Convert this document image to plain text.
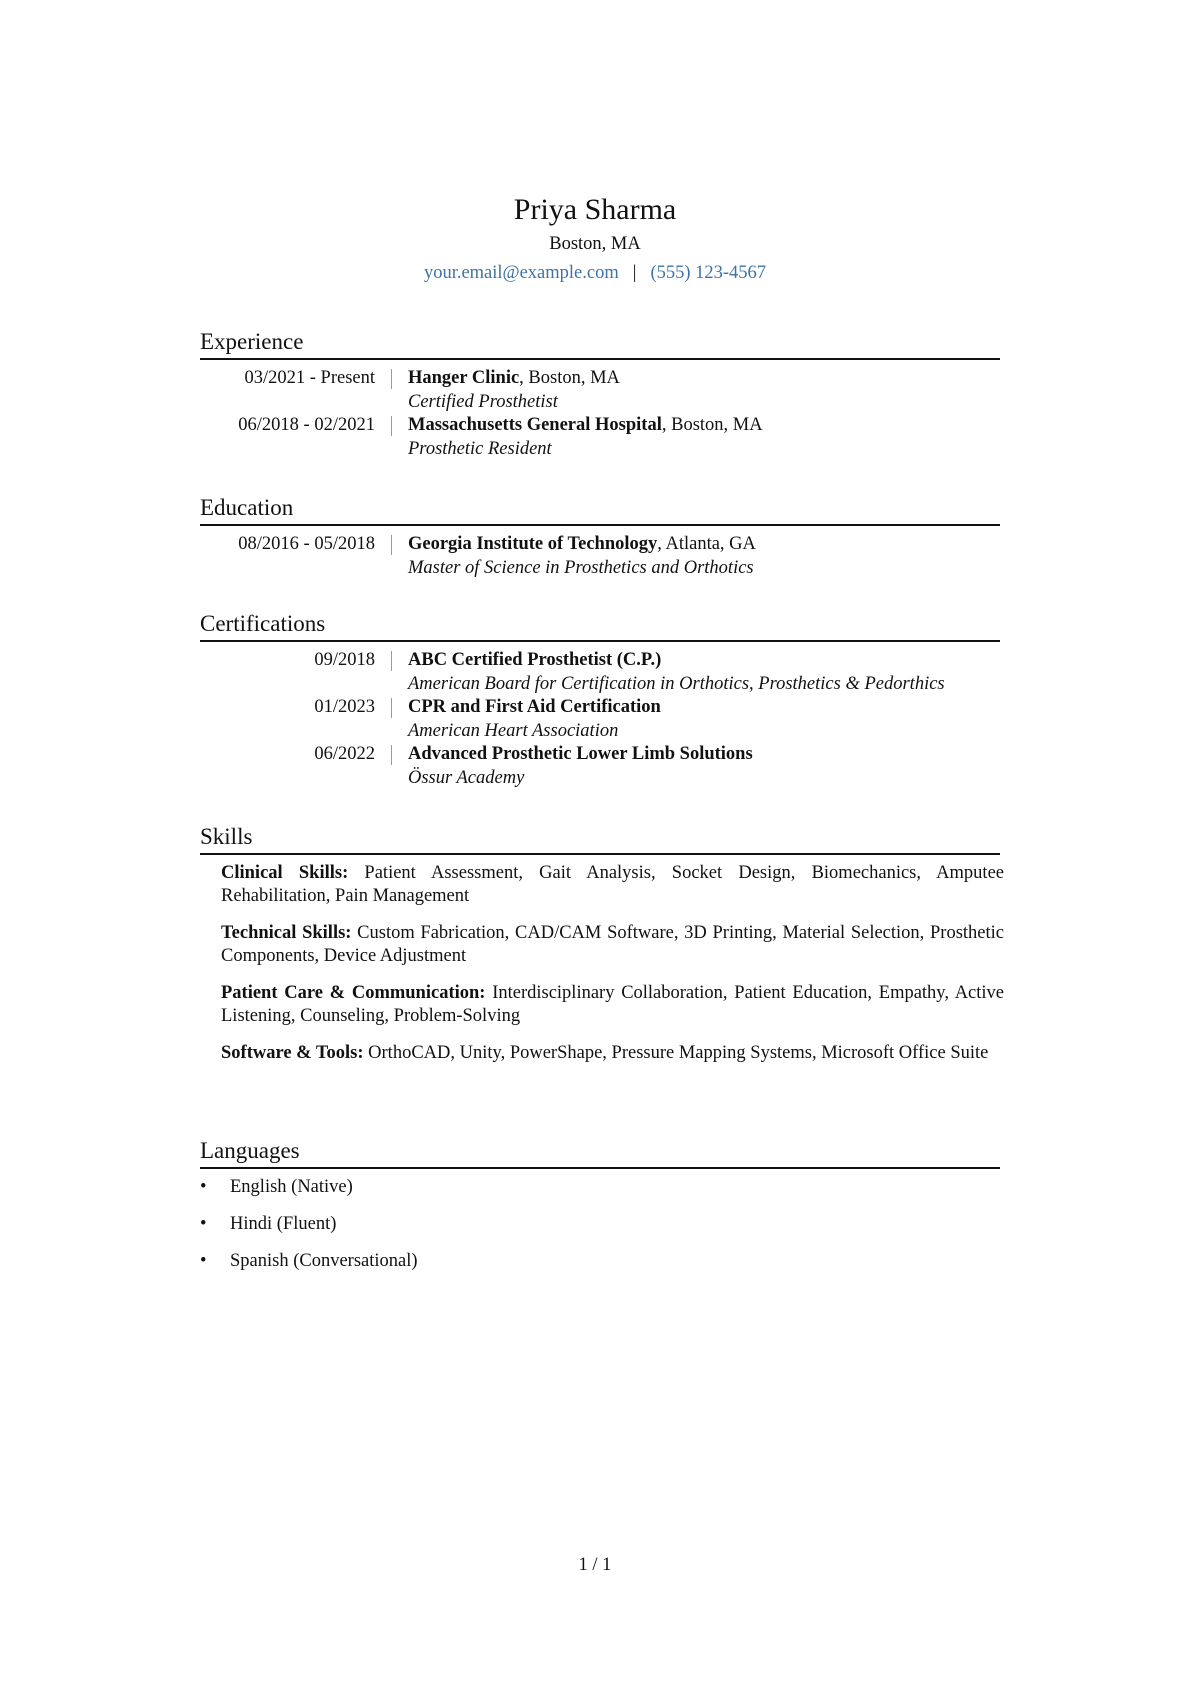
Priya Sharma
Boston, MA
your.email@example.com | (555) 123-4567
Experience
03/2021 - Present	Hanger Clinic, Boston, MA
Certified Prosthetist
06/2018 - 02/2021	Massachusetts General Hospital, Boston, MA
Prosthetic Resident
Education
08/2016 - 05/2018	Georgia Institute of Technology, Atlanta, GA
Master of Science in Prosthetics and Orthotics
Certifications
09/2018	ABC Certified Prosthetist (C.P.)
American Board for Certification in Orthotics, Prosthetics & Pedorthics
01/2023	CPR and First Aid Certification
American Heart Association
06/2022	Advanced Prosthetic Lower Limb Solutions
Össur Academy
Skills
Clinical Skills: Patient Assessment, Gait Analysis, Socket Design, Biomechanics, Amputee Rehabilitation, Pain Management
Technical Skills: Custom Fabrication, CAD/CAM Software, 3D Printing, Material Selection, Prosthetic Components, Device Adjustment
Patient Care & Communication: Interdisciplinary Collaboration, Patient Education, Empathy, Active Listening, Counseling, Problem-Solving
Software & Tools: OrthoCAD, Unity, PowerShape, Pressure Mapping Systems, Microsoft Office Suite
Languages
•	English (Native)
•	Hindi (Fluent)
•	Spanish (Conversational)
1 / 1
